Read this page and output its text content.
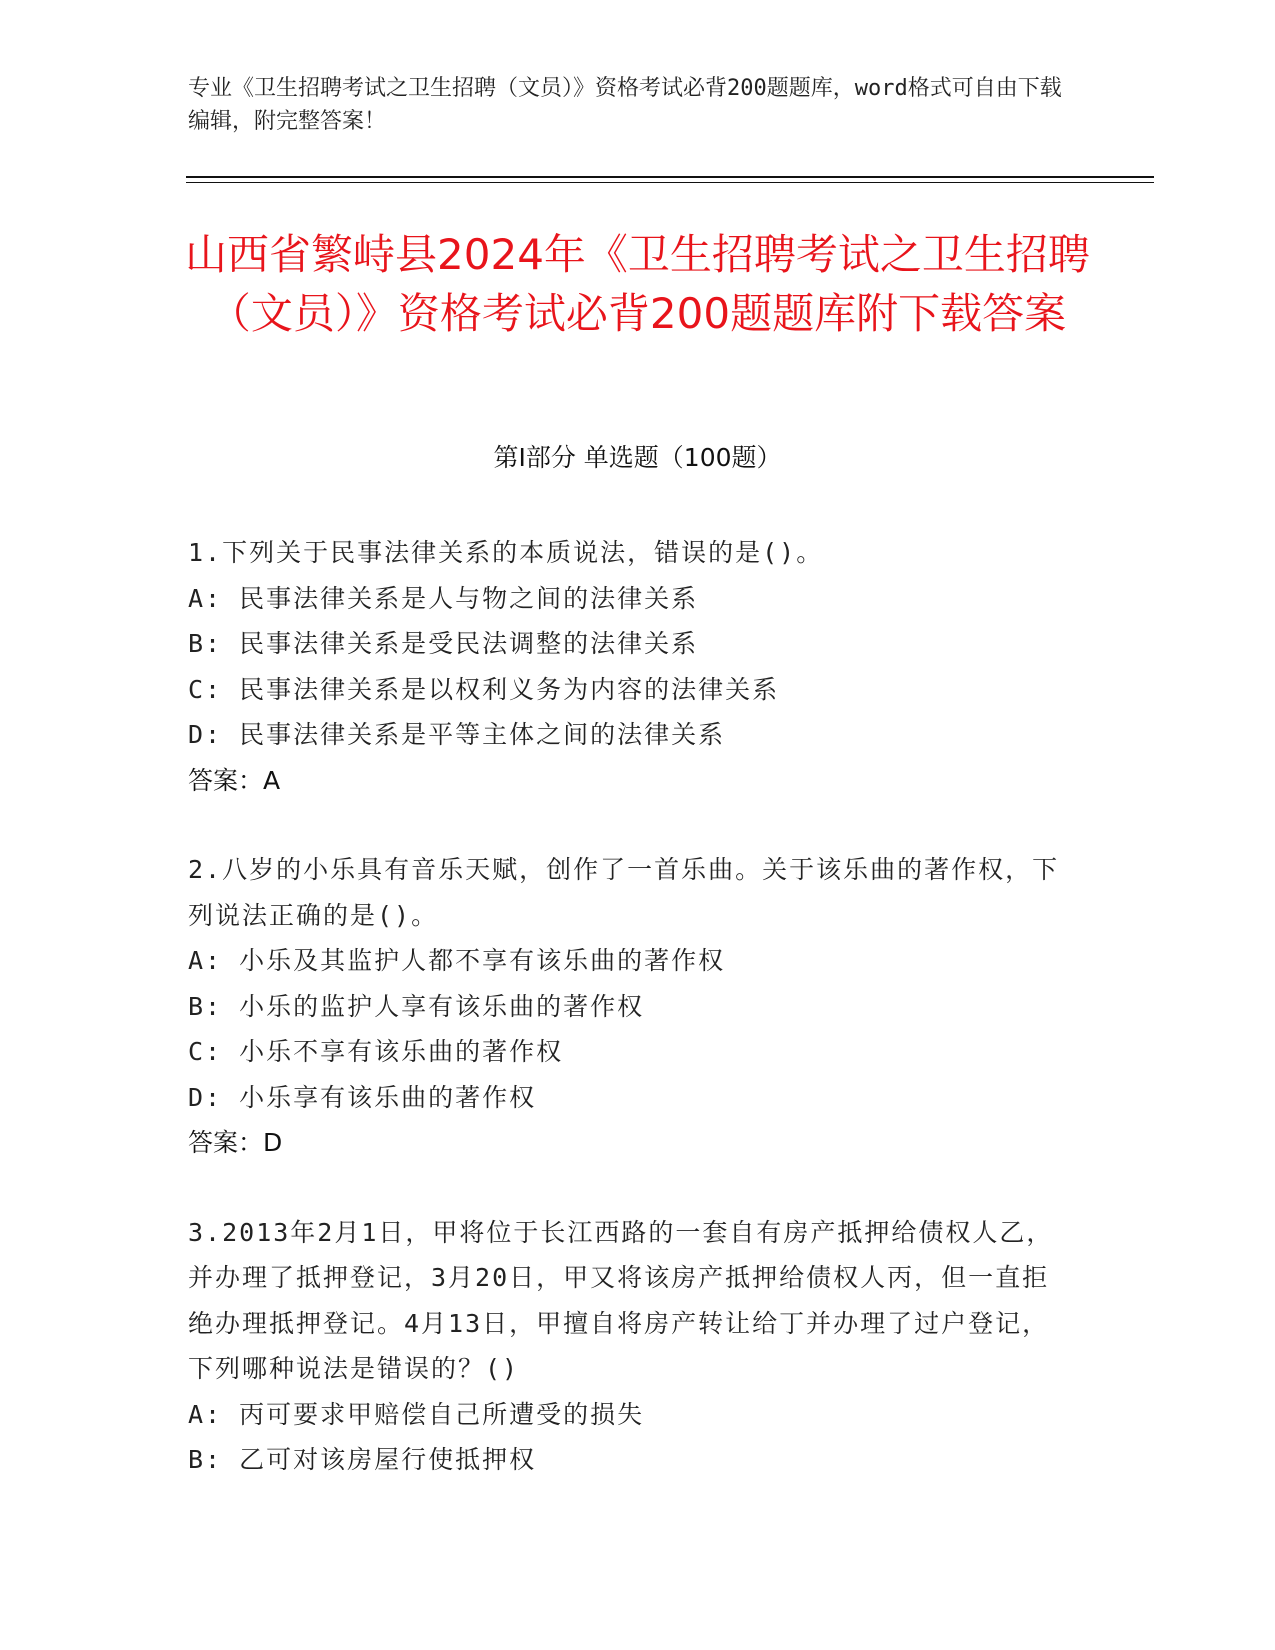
专业《卫生招聘考试之卫生招聘（文员）》资格考试必背200题题库，word格式可自由下载编辑，附完整答案！
山西省繁峙县2024年《卫生招聘考试之卫生招聘（文员）》资格考试必背200题题库附下载答案
第I部分 单选题（100题）
1.下列关于民事法律关系的本质说法，错误的是()。
A: 民事法律关系是人与物之间的法律关系
B: 民事法律关系是受民法调整的法律关系
C: 民事法律关系是以权利义务为内容的法律关系
D: 民事法律关系是平等主体之间的法律关系
答案：A
2.八岁的小乐具有音乐天赋，创作了一首乐曲。关于该乐曲的著作权，下列说法正确的是()。
A: 小乐及其监护人都不享有该乐曲的著作权
B: 小乐的监护人享有该乐曲的著作权
C: 小乐不享有该乐曲的著作权
D: 小乐享有该乐曲的著作权
答案：D
3.2013年2月1日，甲将位于长江西路的一套自有房产抵押给债权人乙，并办理了抵押登记，3月20日，甲又将该房产抵押给债权人丙，但一直拒绝办理抵押登记。4月13日，甲擅自将房产转让给丁并办理了过户登记，下列哪种说法是错误的？()
A: 丙可要求甲赔偿自己所遭受的损失
B: 乙可对该房屋行使抵押权
